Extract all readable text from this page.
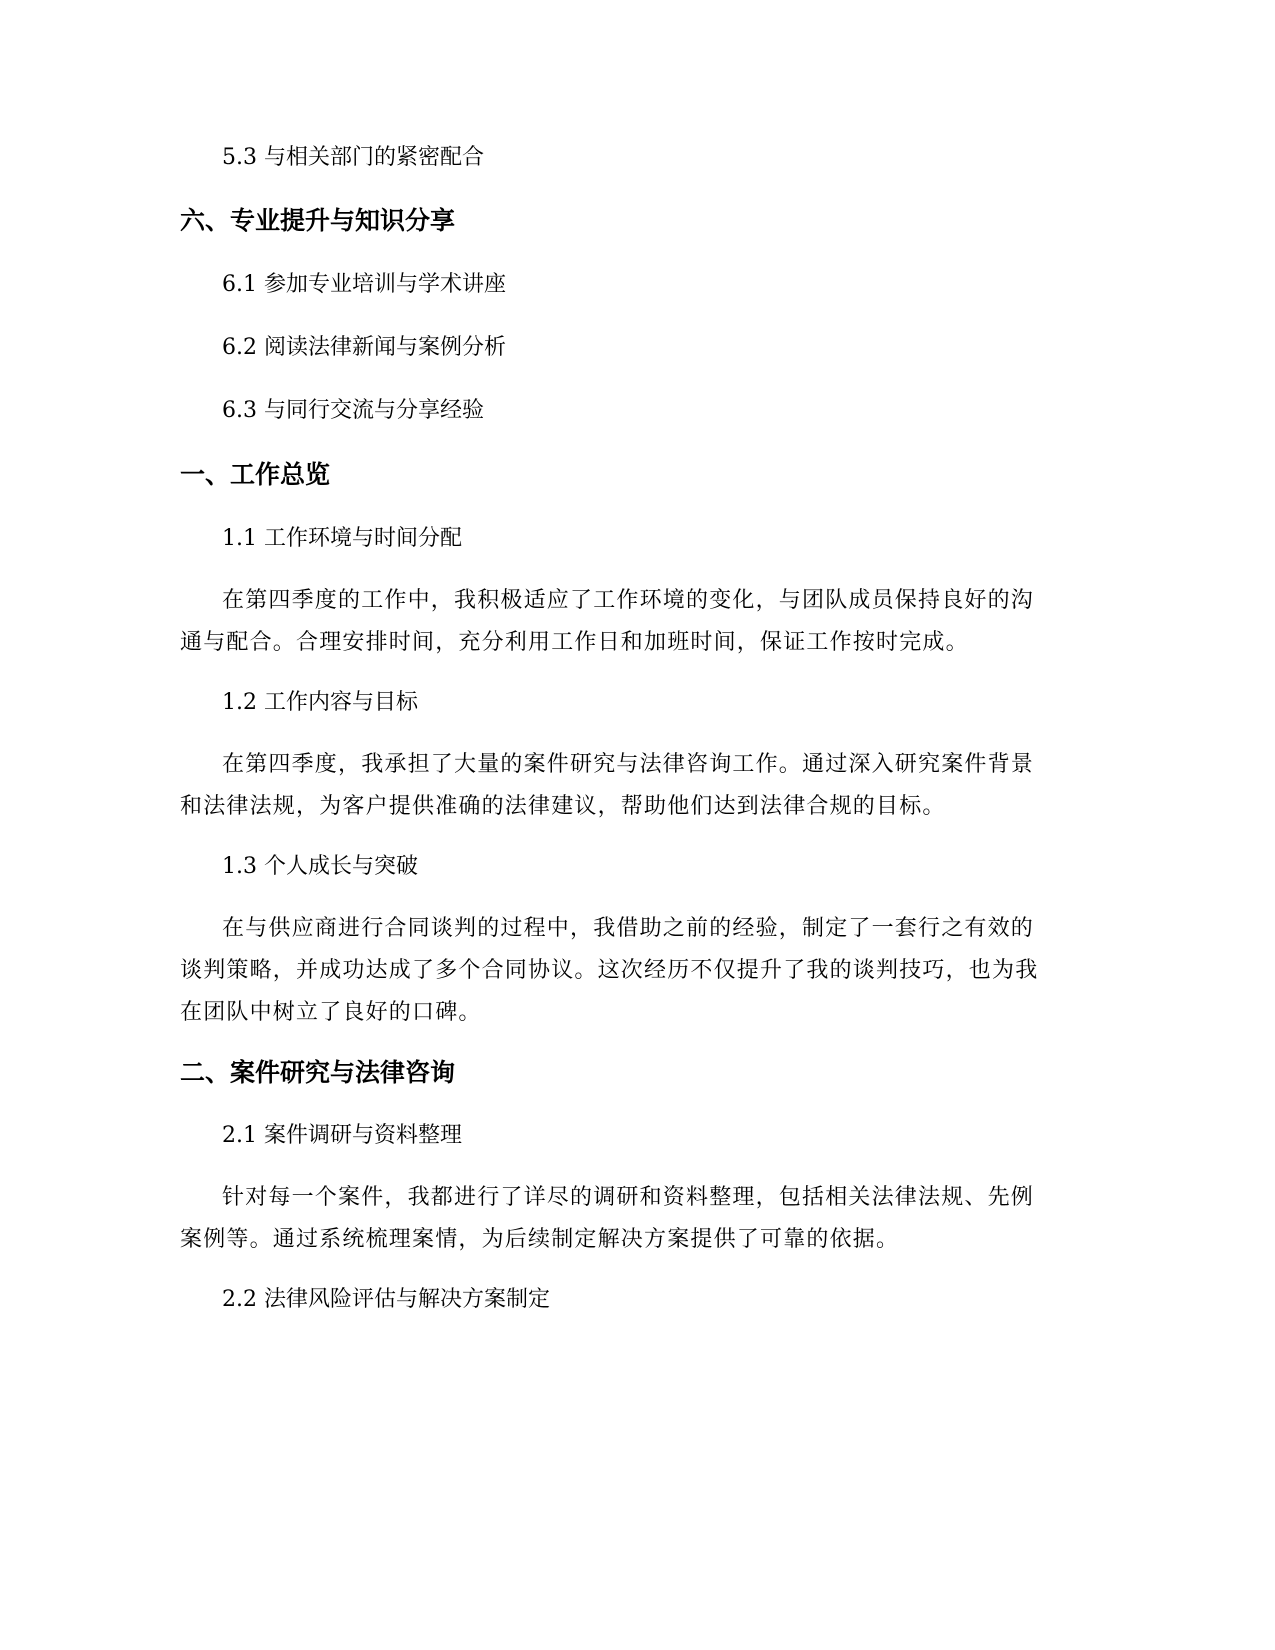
5.3 与相关部门的紧密配合

六、专业提升与知识分享

6.1 参加专业培训与学术讲座

6.2 阅读法律新闻与案例分析

6.3 与同行交流与分享经验

一、工作总览

1.1 工作环境与时间分配

在第四季度的工作中，我积极适应了工作环境的变化，与团队成员保持良好的沟通与配合。合理安排时间，充分利用工作日和加班时间，保证工作按时完成。

1.2 工作内容与目标

在第四季度，我承担了大量的案件研究与法律咨询工作。通过深入研究案件背景和法律法规，为客户提供准确的法律建议，帮助他们达到法律合规的目标。

1.3 个人成长与突破

在与供应商进行合同谈判的过程中，我借助之前的经验，制定了一套行之有效的谈判策略，并成功达成了多个合同协议。这次经历不仅提升了我的谈判技巧，也为我在团队中树立了良好的口碑。

二、案件研究与法律咨询

2.1 案件调研与资料整理

针对每一个案件，我都进行了详尽的调研和资料整理，包括相关法律法规、先例案例等。通过系统梳理案情，为后续制定解决方案提供了可靠的依据。

2.2 法律风险评估与解决方案制定
